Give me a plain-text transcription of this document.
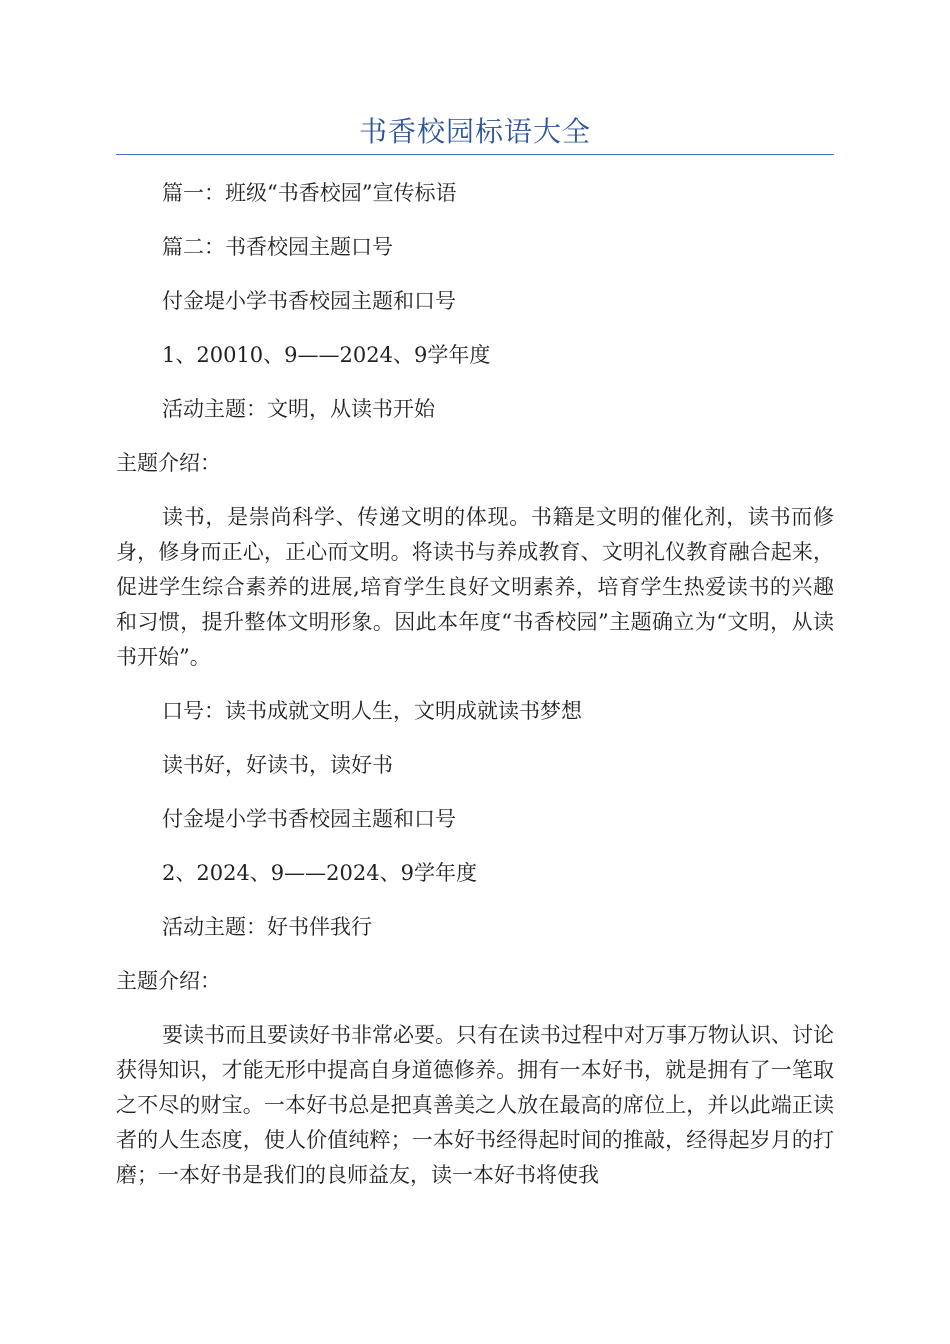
书香校园标语大全

篇一：班级“书香校园”宣传标语

篇二：书香校园主题口号

付金堤小学书香校园主题和口号

1、20010、9——2024、9学年度

活动主题：文明，从读书开始

主题介绍：

读书，是崇尚科学、传递文明的体现。书籍是文明的催化剂，读书而修身，修身而正心，正心而文明。将读书与养成教育、文明礼仪教育融合起来，促进学生综合素养的进展,培育学生良好文明素养，培育学生热爱读书的兴趣和习惯，提升整体文明形象。因此本年度“书香校园”主题确立为“文明，从读书开始”。

口号：读书成就文明人生，文明成就读书梦想

读书好，好读书，读好书

付金堤小学书香校园主题和口号

2、2024、9——2024、9学年度

活动主题：好书伴我行

主题介绍：

要读书而且要读好书非常必要。只有在读书过程中对万事万物认识、讨论获得知识，才能无形中提高自身道德修养。拥有一本好书，就是拥有了一笔取之不尽的财宝。一本好书总是把真善美之人放在最高的席位上，并以此端正读者的人生态度，使人价值纯粹；一本好书经得起时间的推敲，经得起岁月的打磨；一本好书是我们的良师益友，读一本好书将使我
